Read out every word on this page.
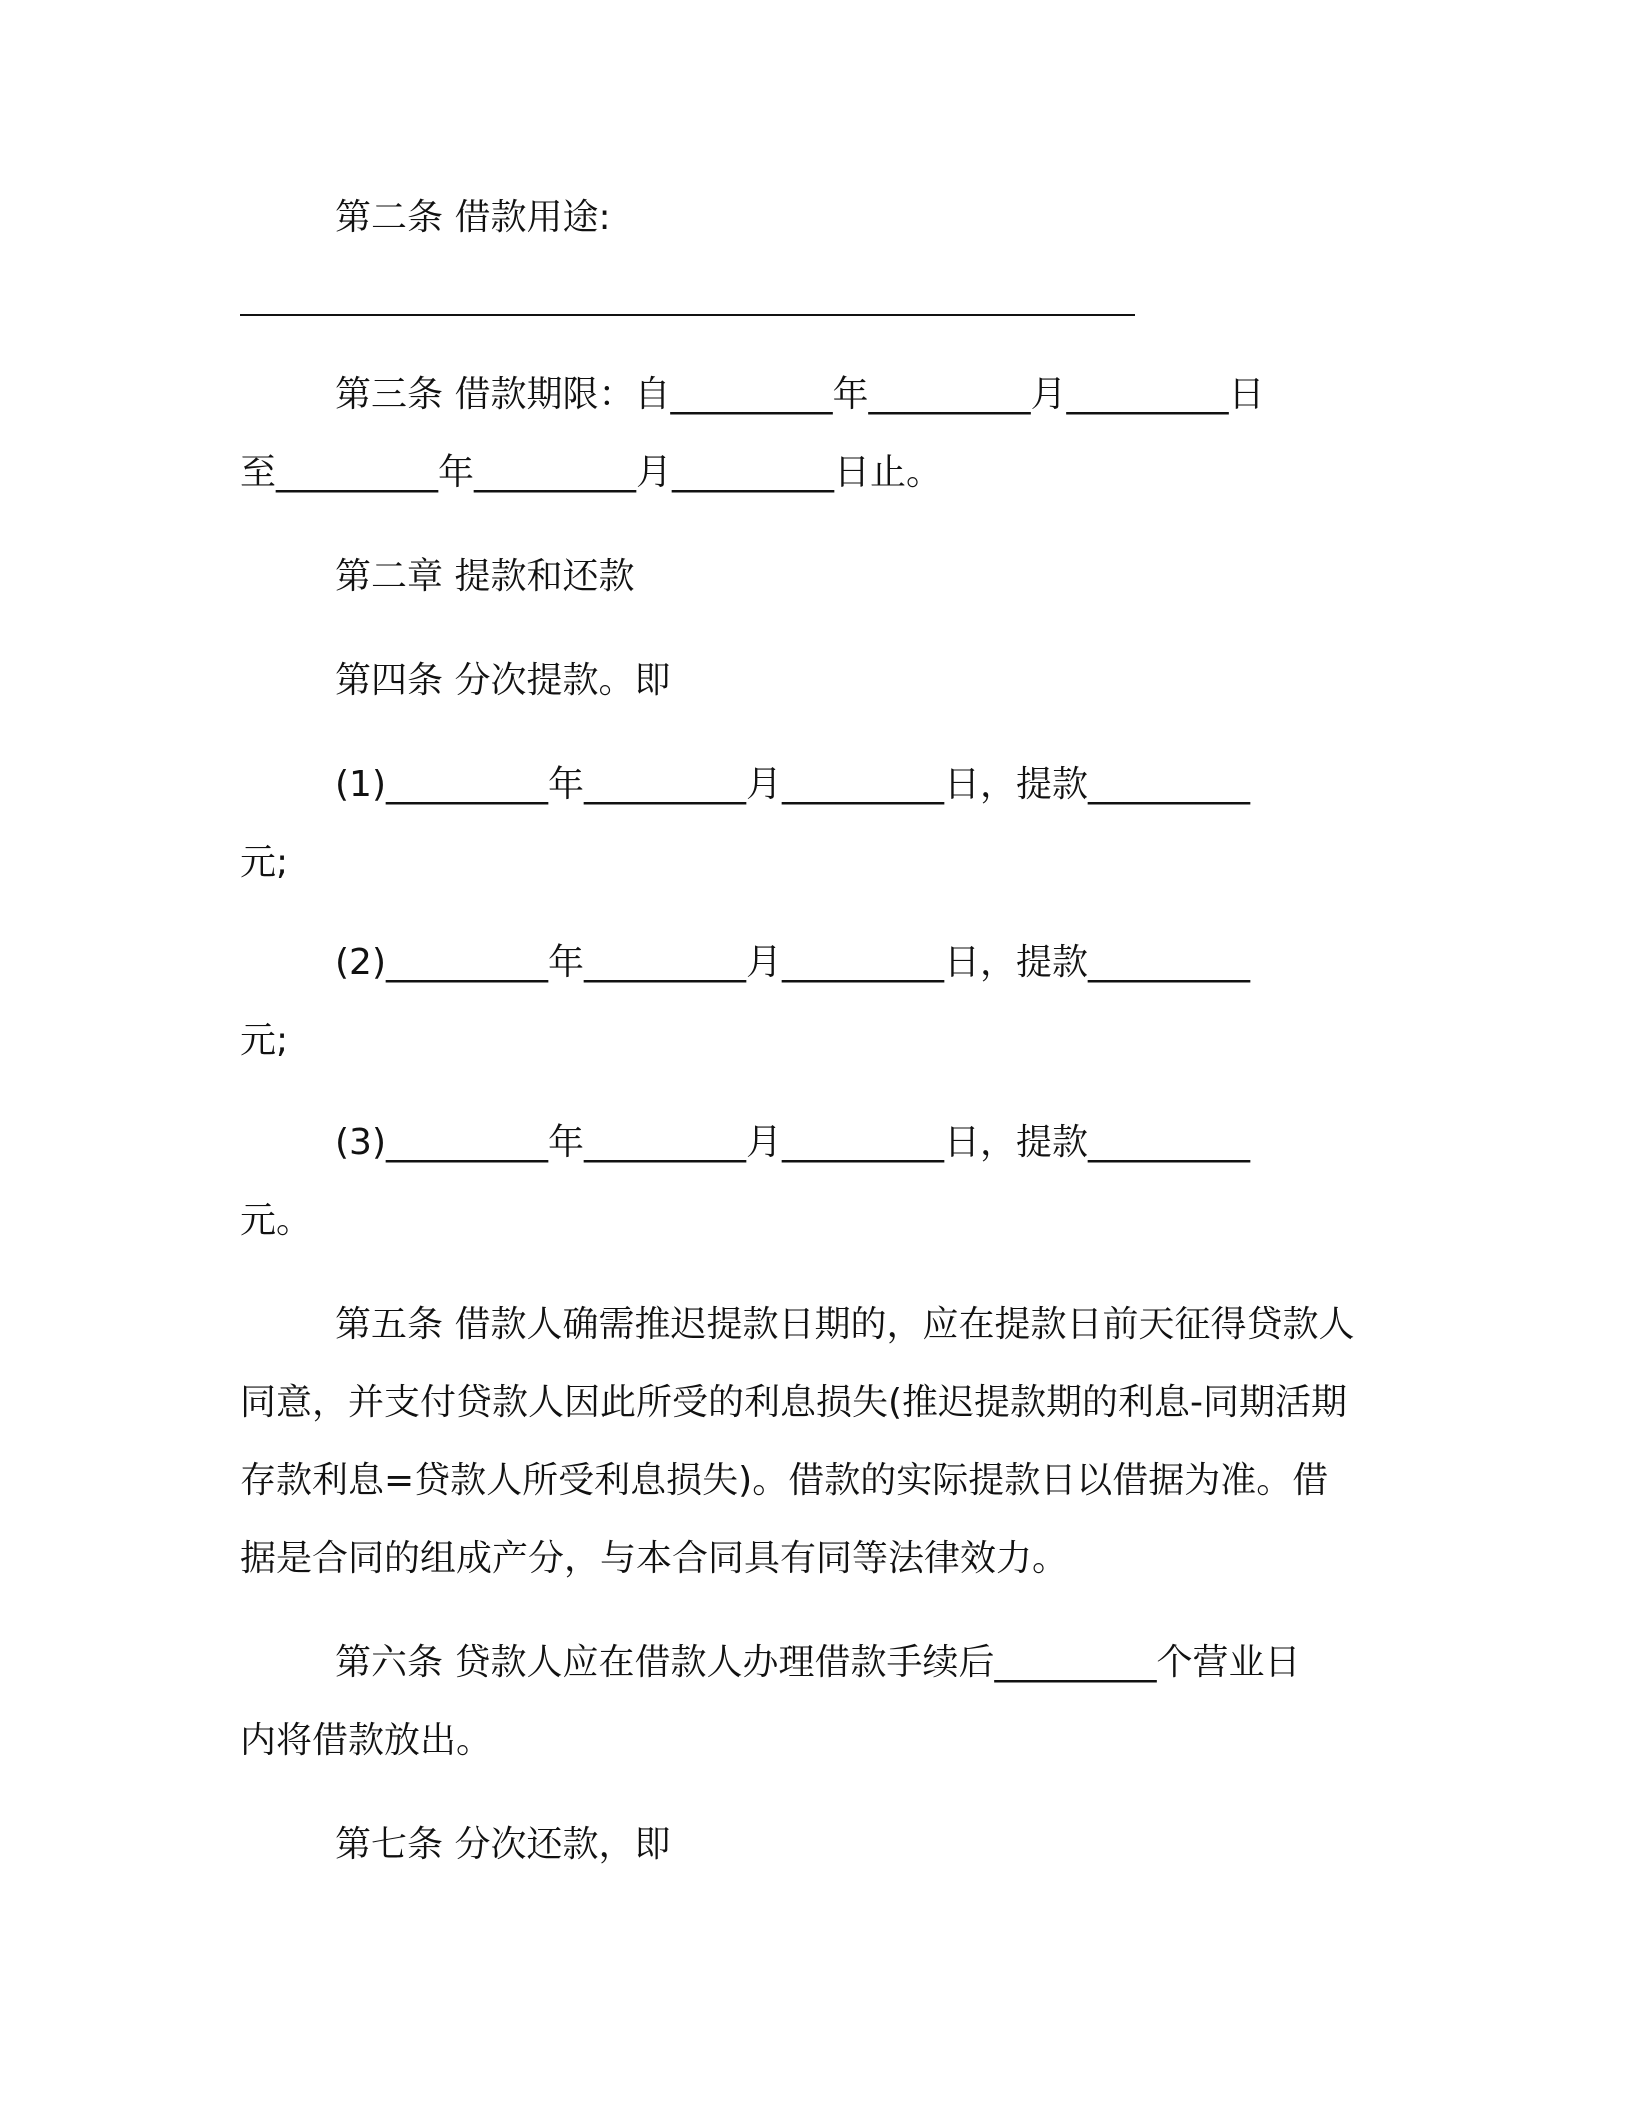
第二条 借款用途:
第三条 借款期限：自_________年_________月_________日
至_________年_________月_________日止。
第二章 提款和还款
第四条 分次提款。即
(1)_________年_________月_________日，提款_________
元;
(2)_________年_________月_________日，提款_________
元;
(3)_________年_________月_________日，提款_________
元。
第五条 借款人确需推迟提款日期的，应在提款日前天征得贷款人
同意，并支付贷款人因此所受的利息损失(推迟提款期的利息-同期活期
存款利息=贷款人所受利息损失)。借款的实际提款日以借据为准。借
据是合同的组成产分，与本合同具有同等法律效力。
第六条 贷款人应在借款人办理借款手续后_________个营业日
内将借款放出。
第七条 分次还款，即
